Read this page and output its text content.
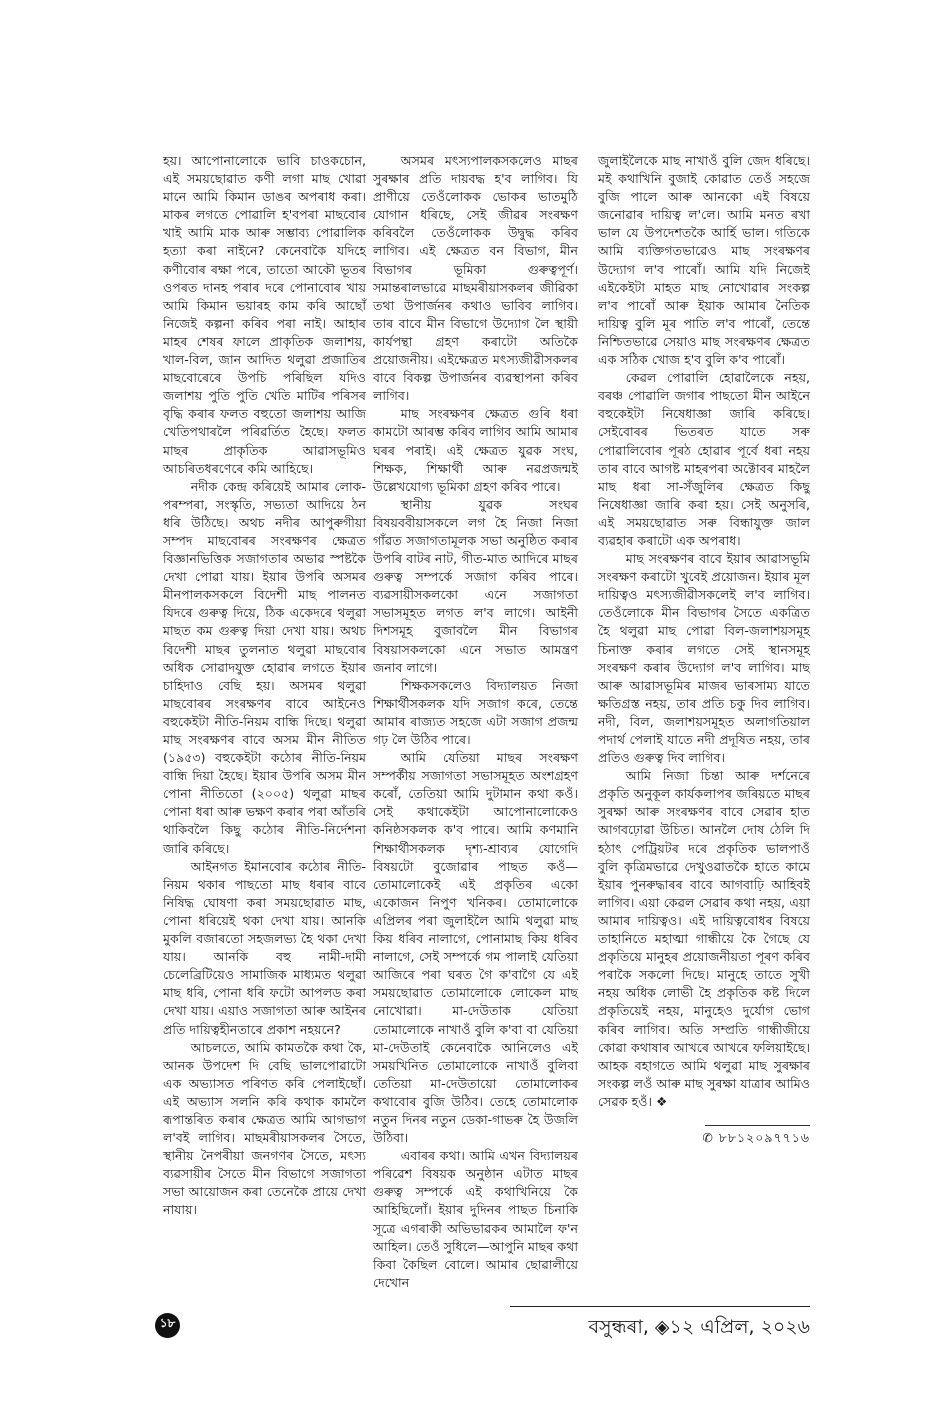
হয়। আপোনালোকে ভাবি চাওকচোন, এই সময়ছোৱাত কণী লগা মাছ খোৱা মানে আমি কিমান ডাঙৰ অপৰাধ কৰা। মাকৰ লগতে পোৱালি হ'বপৰা মাছবোৰ খাই আমি মাক আৰু সম্ভাব্য পোৱালিক হত্যা কৰা নাইনে? কেনেবাকৈ যদিহে কণীবোৰ ৰক্ষা পৰে, তাতো আকৌ ভূতৰ ওপৰত দানহ পৰাৰ দৰে পোনাবোৰ খায় আমি কিমান ভয়াৰহ কাম কৰি আছোঁ নিজেই কল্পনা কৰিব পৰা নাই। আহাৰ মাহৰ শেষৰ ফালে প্ৰাকৃতিক জলাশয়, খাল-বিল, জান আদিত থলুৱা প্ৰজাতিৰ মাছবোৰেৰে উপচি পৰিছিল যদিও জলাশয় পুতি পুতি খেতি মাটিৰ পৰিসৰ বৃদ্ধি কৰাৰ ফলত বহুতো জলাশয় আজি খেতিপথাৰলৈ পৰিৱৰ্তিত হৈছে। ফলত মাছৰ প্ৰাকৃতিক আৱাসভূমিও আচৰিতধৰণেৰে কমি আহিছে।

নদীক কেন্দ্ৰ কৰিয়েই আমাৰ লোক-পৰম্পৰা, সংস্কৃতি, সভ্যতা আদিয়ে ঠন ধৰি উঠিছে। অথচ নদীৰ আপুৰুগীয়া সম্পদ মাছবোৰৰ সংৰক্ষণৰ ক্ষেত্ৰত বিজ্ঞানভিত্তিক সজাগতাৰ অভাৱ স্পষ্টকৈ দেখা পোৱা যায়। ইয়াৰ উপৰি অসমৰ মীনপালকসকলে বিদেশী মাছ পালনত যিদৰে গুৰুত্ব দিয়ে, ঠিক একেদৰে থলুৱা মাছত কম গুৰুত্ব দিয়া দেখা যায়। অথচ বিদেশী মাছৰ তুলনাত থলুৱা মাছবোৰ অধিক সোৱাদযুক্ত হোৱাৰ লগতে ইয়াৰ চাহিদাও বেছি হয়। অসমৰ থলুৱা মাছবোৰৰ সংৰক্ষণৰ বাবে আইনেও বহুকেইটা নীতি-নিয়ম বান্ধি দিছে। থলুৱা মাছ সংৰক্ষণৰ বাবে অসম মীন নীতিত (১৯৫৩) বহুকেইটা কঠোৰ নীতি-নিয়ম বান্ধি দিয়া হৈছে। ইয়াৰ উপৰি অসম মীন পোনা নীতিতো (২০০৫) থলুৱা মাছৰ পোনা ধৰা আৰু ভক্ষণ কৰাৰ পৰা আঁতৰি থাকিবলৈ কিছু কঠোৰ নীতি-নিৰ্দেশনা জাৰি কৰিছে।

আইনগত ইমানবোৰ কঠোৰ নীতি-নিয়ম থকাৰ পাছতো মাছ ধৰাৰ বাবে নিষিদ্ধ ঘোষণা কৰা সময়ছোৱাত মাছ, পোনা ধৰিয়েই থকা দেখা যায়। আনকি মুকলি বজাৰতো সহজলভ্য হৈ থকা দেখা যায়। আনকি বহু নামী-দামী চেলেব্ৰিটিয়েও সামাজিক মাধ্যমত থলুৱা মাছ ধৰি, পোনা ধৰি ফটো আপলড কৰা দেখা যায়। এয়াও সজাগতা আৰু আইনৰ প্ৰতি দায়িত্বহীনতাৰে প্ৰকাশ নহয়নে?

আচলতে, আমি কামতকৈ কথা কৈ, আনক উপদেশ দি বেছি ভালপোৱাটো এক অভ্যাসত পৰিণত কৰি পেলাইছোঁ। এই অভ্যাস সলনি কৰি কথাক কামলৈ ৰূপান্তৰিত কৰাৰ ক্ষেত্ৰত আমি আগভাগ ল'বই লাগিব। মাছমৰীয়াসকলৰ সৈতে, স্থানীয় নৈপৰীয়া জনগণৰ সৈতে, মৎস্য ব্যৱসায়ীৰ সৈতে মীন বিভাগে সজাগতা সভা আয়োজন কৰা তেনেকৈ প্ৰায়ে দেখা নাযায়।

অসমৰ মৎস্যপালকসকলেও মাছৰ সুৰক্ষাৰ প্ৰতি দায়বদ্ধ হ'ব লাগিব। যি প্ৰাণীয়ে তেওঁলোকক ভোকৰ ভাতমুঠি যোগান ধৰিছে, সেই জীৱৰ সংৰক্ষণ কৰিবলৈ তেওঁলোকক উদ্বুদ্ধ কৰিব লাগিব। এই ক্ষেত্ৰত বন বিভাগ, মীন বিভাগৰ ভূমিকা গুৰুত্বপূৰ্ণ। সমান্তৰালভাৱে মাছমৰীয়াসকলৰ জীৱিকা তথা উপাৰ্জনৰ কথাও ভাবিব লাগিব। তাৰ বাবে মীন বিভাগে উদ্যোগ লৈ স্থায়ী কাৰ্যপন্থা গ্ৰহণ কৰাটো অতিকৈ প্ৰয়োজনীয়। এইক্ষেত্ৰত মৎস্যজীৱীসকলৰ বাবে বিকল্প উপাৰ্জনৰ ব্যৱস্থাপনা কৰিব লাগিব।

মাছ সংৰক্ষণৰ ক্ষেত্ৰত গুৰি ধৰা কামটো আৰম্ভ কৰিব লাগিব আমি আমাৰ ঘৰৰ পৰাই। এই ক্ষেত্ৰত যুৱক সংঘ, শিক্ষক, শিক্ষাৰ্থী আৰু নৱপ্ৰজন্মই উল্লেখযোগ্য ভূমিকা গ্ৰহণ কৰিব পাৰে।

স্থানীয় যুৱক সংঘৰ বিষয়ববীয়াসকলে লগ হৈ নিজা নিজা গাঁৱত সজাগতামূলক সভা অনুষ্ঠিত কৰাৰ উপৰি বাটৰ নাট, গীত-মাত আদিৰে মাছৰ গুৰুত্ব সম্পৰ্কে সজাগ কৰিব পাৰে। ব্যৱসায়ীসকলকো এনে সজাগতা সভাসমূহত লগত ল'ব লাগে। আইনী দিশসমূহ বুজাবলৈ মীন বিভাগৰ বিষয়াসকলকো এনে সভাত আমন্ত্ৰণ জনাব লাগে।

শিক্ষকসকলেও বিদ্যালয়ত নিজা শিক্ষাৰ্থীসকলক যদি সজাগ কৰে, তেন্তে আমাৰ ৰাজ্যত সহজে এটা সজাগ প্ৰজন্ম গঢ় লৈ উঠিব পাৰে।

আমি যেতিয়া মাছৰ সংৰক্ষণ সম্পৰ্কীয় সজাগতা সভাসমূহত অংশগ্ৰহণ কৰোঁ, তেতিয়া আমি দুটামান কথা কওঁ। সেই কথাকেইটা আপোনালোকেও কনিষ্ঠসকলক ক'ব পাৰে। আমি কণমানি শিক্ষাৰ্থীসকলক দৃশ্য-শ্ৰাব্যৰ যোগেদি বিষয়টো বুজোৱাৰ পাছত কওঁ— তোমালোকেই এই প্ৰকৃতিৰ একো একোজন নিপুণ খনিকৰ। তোমালোকে এপ্ৰিলৰ পৰা জুলাইলৈ আমি থলুৱা মাছ কিয় ধৰিব নালাগে, পোনামাছ কিয় ধৰিব নালাগে, সেই সম্পৰ্কে গম পালাই যেতিয়া আজিৰে পৰা ঘৰত গৈ ক'বাগৈ যে এই সময়ছোৱাত তোমালোকে লোকেল মাছ নোখোৱা। মা-দেউতাক যেতিয়া তোমালোকে নাখাওঁ বুলি ক'বা বা যেতিয়া মা-দেউতাই কেনেবাকৈ আনিলেও এই সময়খিনিত তোমালোকে নাখাওঁ বুলিবা তেতিয়া মা-দেউতায়ো তোমালোকৰ কথাবোৰ বুজি উঠিব। তেহে তোমালোক নতুন দিনৰ নতুন ডেকা-গাভৰু হৈ উজলি উঠিবা।

এবাৰৰ কথা। আমি এখন বিদ্যালয়ৰ পৰিৱেশ বিষয়ক অনুষ্ঠান এটাত মাছৰ গুৰুত্ব সম্পৰ্কে এই কথাখিনিয়ে কৈ আহিছিলোঁ। ইয়াৰ দুদিনৰ পাছত চিনাকি সূত্ৰে এগৰাকী অভিভাৱকৰ আমালৈ ফ'ন আহিল। তেওঁ সুধিলে—আপুনি মাছৰ কথা কিবা কৈছিল বোলে। আমাৰ ছোৱালীয়ে দেখোন

জুলাইলৈকে মাছ নাখাওঁ বুলি জেদ ধৰিছে। মই কথাখিনি বুজাই কোৱাত তেওঁ সহজে বুজি পালে আৰু আনকো এই বিষয়ে জনোৱাৰ দায়িত্ব ল'লে। আমি মনত ৰখা ভাল যে উপদেশতকৈ আৰ্হি ভাল। গতিকে আমি ব্যক্তিগতভাৱেও মাছ সংৰক্ষণৰ উদ্যোগ ল'ব পাৰোঁ। আমি যদি নিজেই এইকেইটা মাহত মাছ নোখোৱাৰ সংকল্প ল'ব পাৰোঁ আৰু ইয়াক আমাৰ নৈতিক দায়িত্ব বুলি মূৰ পাতি ল'ব পাৰোঁ, তেন্তে নিশ্চিতভাৱে সেয়াও মাছ সংৰক্ষণৰ ক্ষেত্ৰত এক সঠিক খোজ হ'ব বুলি ক'ব পাৰোঁ।

কেৱল পোৱালি হোৱালৈকে নহয়, বৰঞ্চ পোৱালি জগাৰ পাছতো মীন আইনে বহুকেইটা নিষেধাজ্ঞা জাৰি কৰিছে। সেইবোৰৰ ভিতৰত যাতে সৰু পোৱালিবোৰ পূৰঠ হোৱাৰ পূৰ্বে ধৰা নহয় তাৰ বাবে আগষ্ট মাহৰপৰা অক্টোবৰ মাহলৈ মাছ ধৰা সা-সঁজুলিৰ ক্ষেত্ৰত কিছু নিষেধাজ্ঞা জাৰি কৰা হয়। সেই অনুসৰি, এই সময়ছোৱাত সৰু বিন্ধাযুক্ত জাল ব্যৱহাৰ কৰাটো এক অপৰাধ।

মাছ সংৰক্ষণৰ বাবে ইয়াৰ আৱাসভূমি সংৰক্ষণ কৰাটো খুবেই প্ৰয়োজন। ইয়াৰ মূল দায়িত্বও মৎস্যজীৱীসকলেই ল'ব লাগিব। তেওঁলোকে মীন বিভাগৰ সৈতে একত্ৰিত হৈ থলুৱা মাছ পোৱা বিল-জলাশয়সমূহ চিনাক্ত কৰাৰ লগতে সেই স্থানসমূহ সংৰক্ষণ কৰাৰ উদ্যোগ ল'ব লাগিব। মাছ আৰু আৱাসভূমিৰ মাজৰ ভাৰসাম্য যাতে ক্ষতিগ্ৰস্ত নহয়, তাৰ প্ৰতি চকু দিব লাগিব। নদী, বিল, জলাশয়সমূহত অলাগতিয়াল পদাৰ্থ পেলাই যাতে নদী প্ৰদূষিত নহয়, তাৰ প্ৰতিও গুৰুত্ব দিব লাগিব।

আমি নিজা চিন্তা আৰু দৰ্শনেৰে প্ৰকৃতি অনুকূল কাৰ্যকলাপৰ জৰিয়তে মাছৰ সুৰক্ষা আৰু সংৰক্ষণৰ বাবে সেৱাৰ হাত আগবঢ়োৱা উচিত। আনলৈ দোষ ঠেলি দি হঠাৎ পেট্ৰিয়টৰ দৰে প্ৰকৃতিক ভালপাওঁ বুলি কৃত্ৰিমভাৱে দেখুওৱাতকৈ হাতে কামে ইয়াৰ পুনৰুদ্ধাৰৰ বাবে আগবাঢ়ি আহিবই লাগিব। এয়া কেৱল সেৱাৰ কথা নহয়, এয়া আমাৰ দায়িত্বও। এই দায়িত্ববোধৰ বিষয়ে তাহানিতে মহাত্মা গান্ধীয়ে কৈ গৈছে যে প্ৰকৃতিয়ে মানুহৰ প্ৰয়োজনীয়তা পূৰণ কৰিব পৰাকৈ সকলো দিছে। মানুহে তাতে সুখী নহয় অধিক লোভী হৈ প্ৰকৃতিক কষ্ট দিলে প্ৰকৃতিয়েই নহয়, মানুহেও দুৰ্যোগ ভোগ কৰিব লাগিব। অতি সম্প্ৰতি গান্ধীজীয়ে কোৱা কথাষাৰ আখৰে আখৰে ফলিয়াইছে। আহক বহাগতে আমি থলুৱা মাছ সুৰক্ষাৰ সংকল্প লওঁ আৰু মাছ সুৰক্ষা যাত্ৰাৰ আমিও সেৱক হওঁ। ❖

✆ ৮৮১২০৯৭৭১৬
১৮	বসুন্ধৰা, ◈১২ এপ্ৰিল, ২০২৬
